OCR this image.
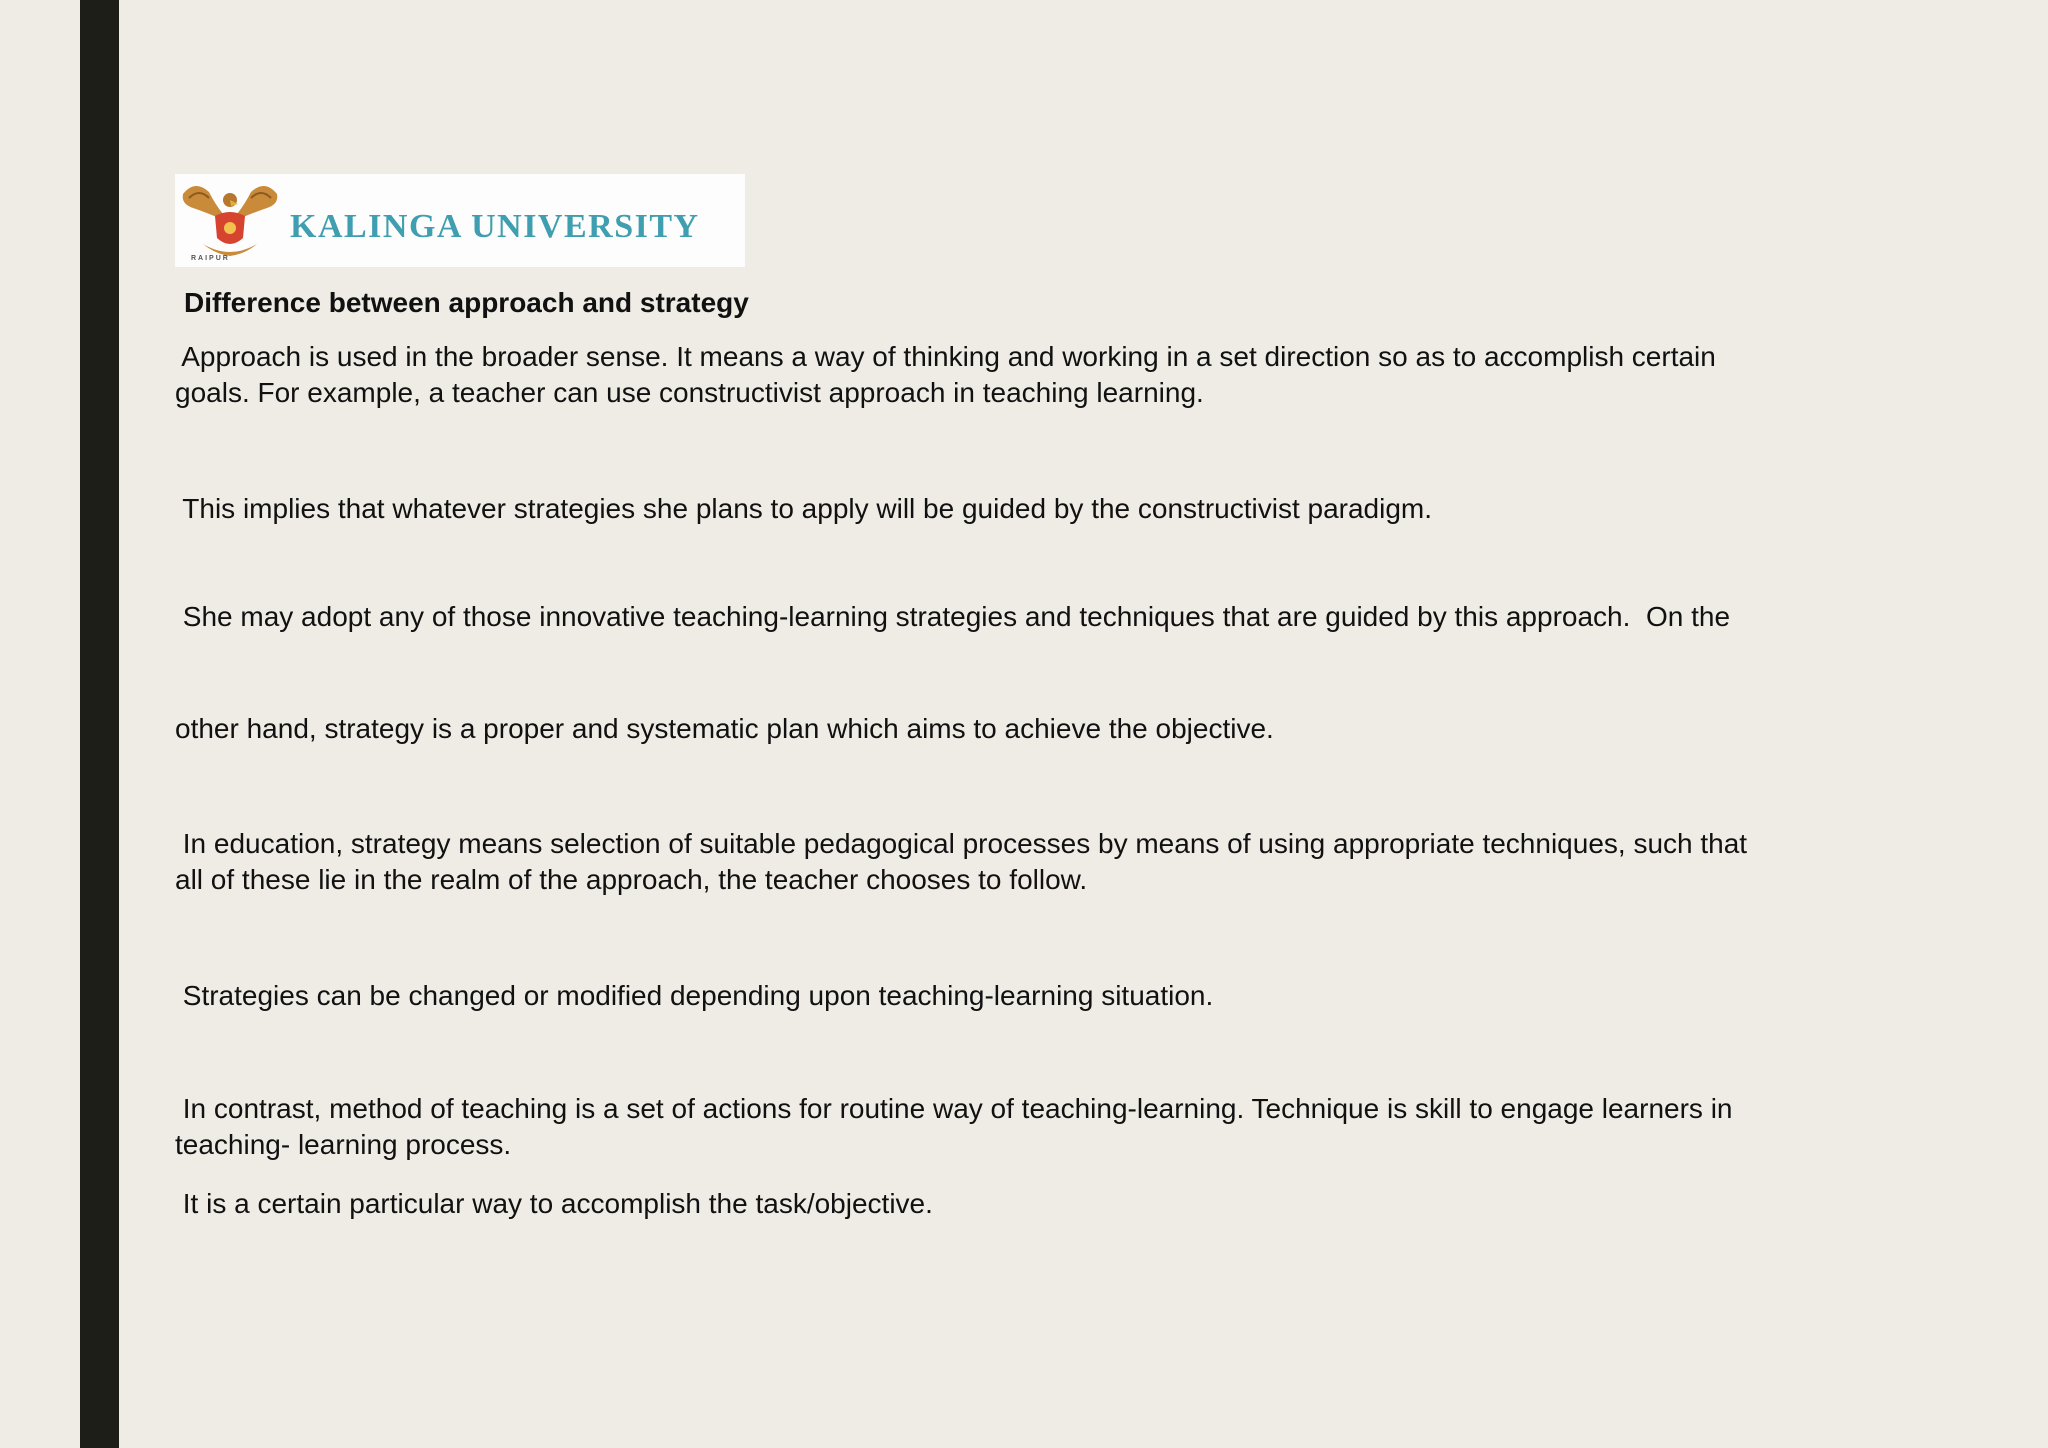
RAIPUR
KALINGA UNIVERSITY
Difference between approach and strategy
Approach is used in the broader sense. It means a way of thinking and working in a set direction so as to accomplish certain
goals. For example, a teacher can use constructivist approach in teaching learning.
This implies that whatever strategies she plans to apply will be guided by the constructivist paradigm.
She may adopt any of those innovative teaching-learning strategies and techniques that are guided by this approach.  On the
other hand, strategy is a proper and systematic plan which aims to achieve the objective.
In education, strategy means selection of suitable pedagogical processes by means of using appropriate techniques, such that
all of these lie in the realm of the approach, the teacher chooses to follow.
Strategies can be changed or modified depending upon teaching-learning situation.
In contrast, method of teaching is a set of actions for routine way of teaching-learning. Technique is skill to engage learners in
teaching- learning process.
It is a certain particular way to accomplish the task/objective.
